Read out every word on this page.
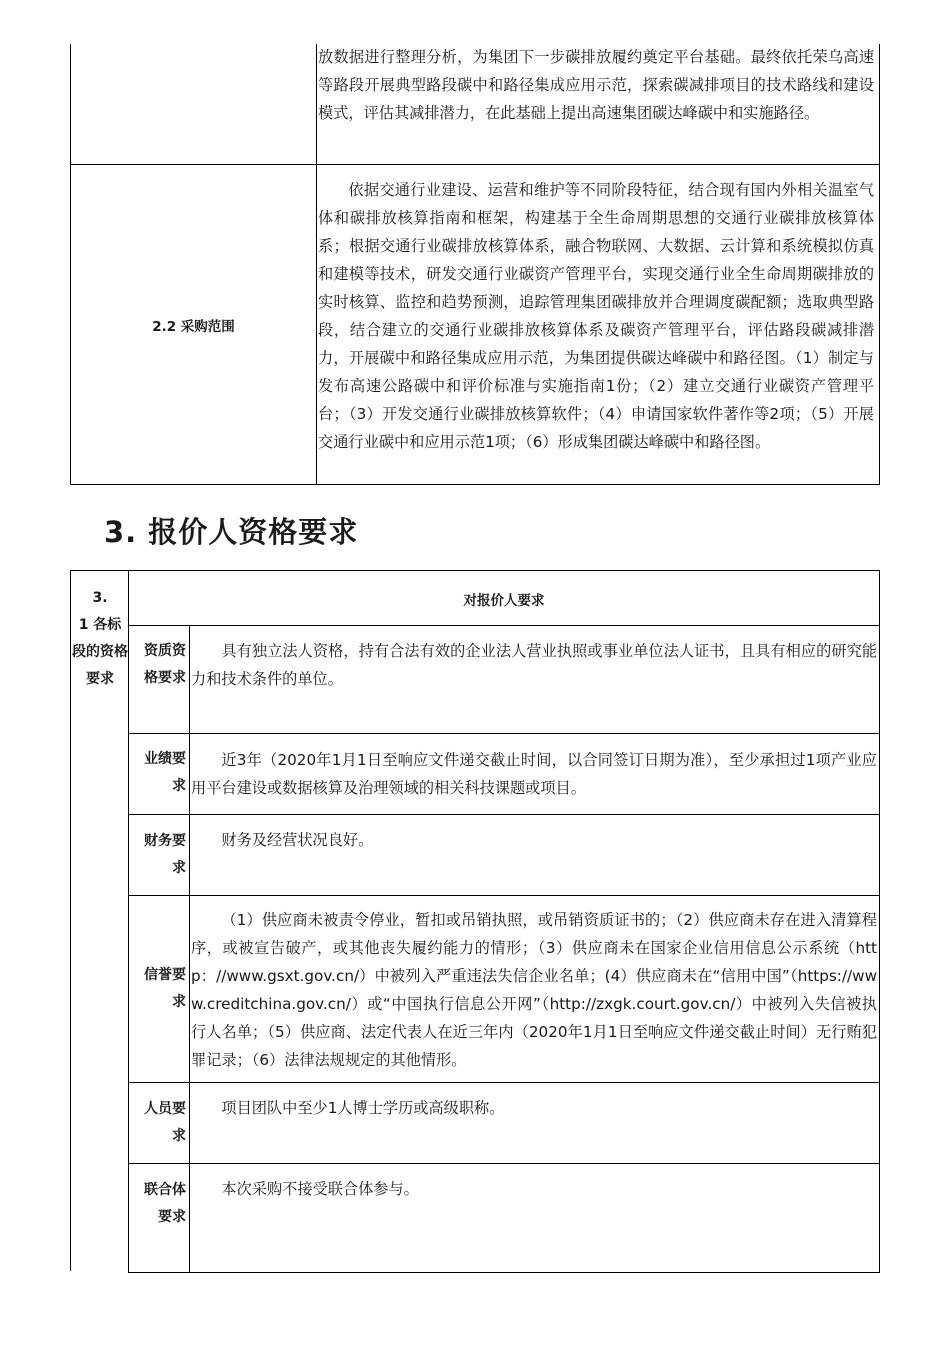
放数据进行整理分析，为集团下一步碳排放履约奠定平台基础。最终依托荣乌高速等路段开展典型路段碳中和路径集成应用示范，探索碳减排项目的技术路线和建设模式，评估其减排潜力，在此基础上提出高速集团碳达峰碳中和实施路径。
2.2 采购范围
依据交通行业建设、运营和维护等不同阶段特征，结合现有国内外相关温室气体和碳排放核算指南和框架，构建基于全生命周期思想的交通行业碳排放核算体系；根据交通行业碳排放核算体系，融合物联网、大数据、云计算和系统模拟仿真和建模等技术，研发交通行业碳资产管理平台，实现交通行业全生命周期碳排放的实时核算、监控和趋势预测，追踪管理集团碳排放并合理调度碳配额；选取典型路段，结合建立的交通行业碳排放核算体系及碳资产管理平台，评估路段碳减排潜力，开展碳中和路径集成应用示范，为集团提供碳达峰碳中和路径图。（1）制定与发布高速公路碳中和评价标准与实施指南1份；（2）建立交通行业碳资产管理平台；（3）开发交通行业碳排放核算软件；（4）申请国家软件著作等2项；（5）开展交通行业碳中和应用示范1项；（6）形成集团碳达峰碳中和路径图。
3. 报价人资格要求
3.
1 各标段的资格要求
对报价人要求
资质资格要求
具有独立法人资格，持有合法有效的企业法人营业执照或事业单位法人证书，且具有相应的研究能力和技术条件的单位。
业绩要求
近3年（2020年1月1日至响应文件递交截止时间，以合同签订日期为准），至少承担过1项产业应用平台建设或数据核算及治理领域的相关科技课题或项目。
财务要求
财务及经营状况良好。
信誉要求
（1）供应商未被责令停业，暂扣或吊销执照，或吊销资质证书的；（2）供应商未存在进入清算程序，或被宣告破产，或其他丧失履约能力的情形；（3）供应商未在国家企业信用信息公示系统（http：//www.gsxt.gov.cn/）中被列入严重违法失信企业名单；(4）供应商未在“信用中国”（https://www.creditchina.gov.cn/）或“中国执行信息公开网”（http://zxgk.court.gov.cn/）中被列入失信被执行人名单；（5）供应商、法定代表人在近三年内（2020年1月1日至响应文件递交截止时间）无行贿犯罪记录；（6）法律法规规定的其他情形。
人员要求
项目团队中至少1人博士学历或高级职称。
联合体要求
本次采购不接受联合体参与。
